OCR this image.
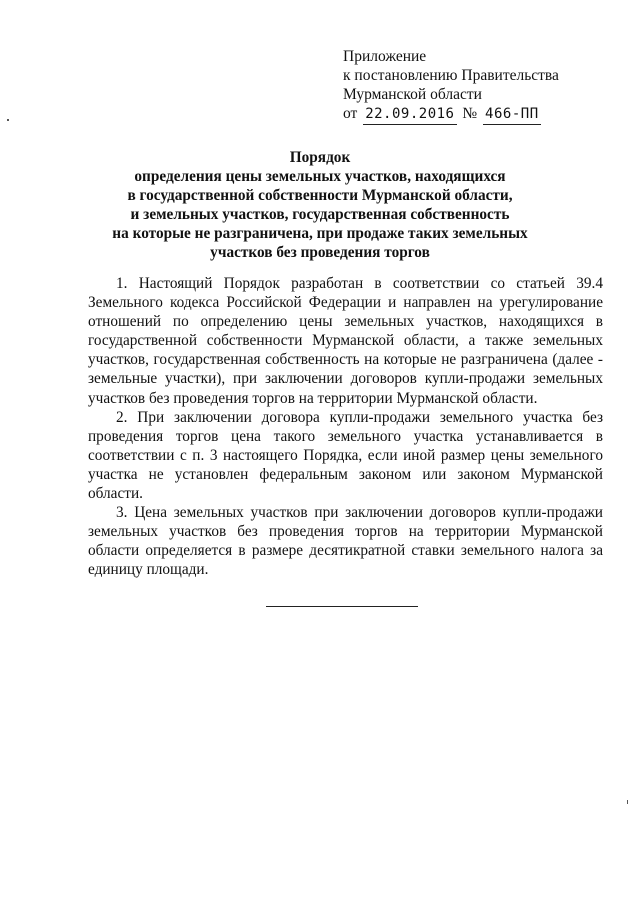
Приложение
к постановлению Правительства
Мурманской области
от 22.09.2016 № 466-ПП
Порядок
определения цены земельных участков, находящихся
в государственной собственности Мурманской области,
и земельных участков, государственная собственность
на которые не разграничена, при продаже таких земельных
участков без проведения торгов

1. Настоящий Порядок разработан в соответствии со статьей 39.4 Земельного кодекса Российской Федерации и направлен на урегулирование отношений по определению цены земельных участков, находящихся в государственной собственности Мурманской области, а также земельных участков, государственная собственность на которые не разграничена (далее - земельные участки), при заключении договоров купли-продажи земельных участков без проведения торгов на территории Мурманской области.

2. При заключении договора купли-продажи земельного участка без проведения торгов цена такого земельного участка устанавливается в соответствии с п. 3 настоящего Порядка, если иной размер цены земельного участка не установлен федеральным законом или законом Мурманской области.

3. Цена земельных участков при заключении договоров купли-продажи земельных участков без проведения торгов на территории Мурманской области определяется в размере десятикратной ставки земельного налога за единицу площади.
